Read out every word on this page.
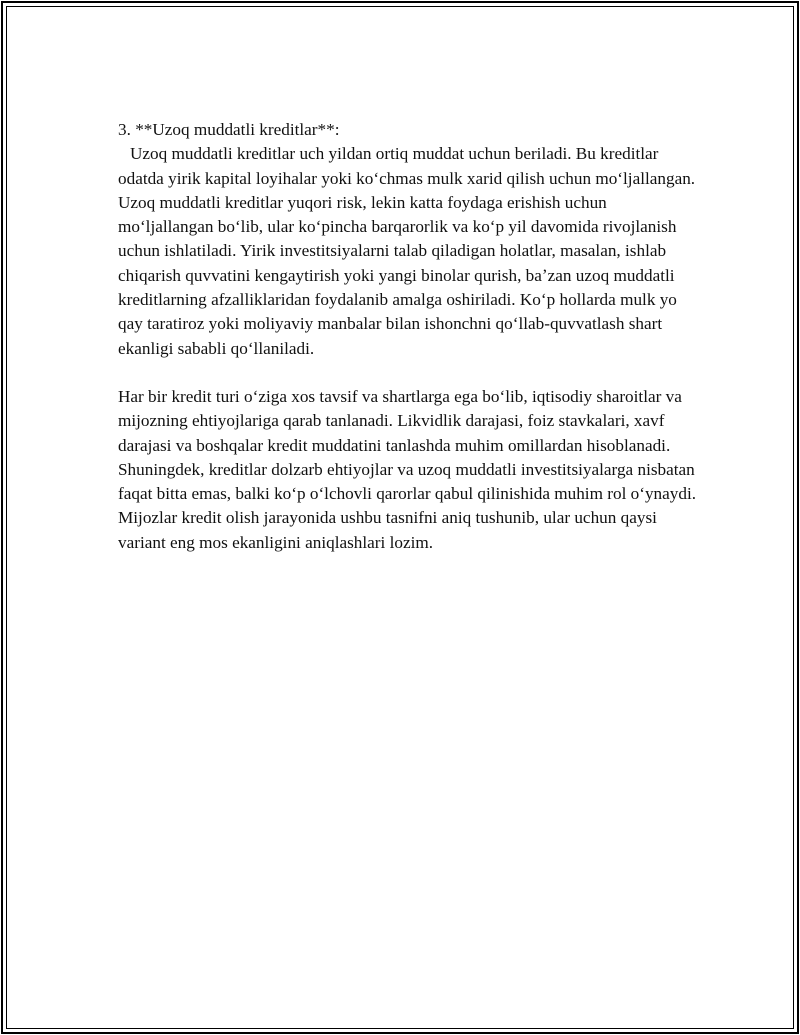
3. **Uzoq muddatli kreditlar**:

Uzoq muddatli kreditlar uch yildan ortiq muddat uchun beriladi. Bu kreditlar odatda yirik kapital loyihalar yoki koʻchmas mulk xarid qilish uchun moʻljallangan. Uzoq muddatli kreditlar yuqori risk, lekin katta foydaga erishish uchun moʻljallangan boʻlib, ular koʻpincha barqarorlik va koʻp yil davomida rivojlanish uchun ishlatiladi. Yirik investitsiyalarni talab qiladigan holatlar, masalan, ishlab chiqarish quvvatini kengaytirish yoki yangi binolar qurish, baʼzan uzoq muddatli kreditlarning afzalliklaridan foydalanib amalga oshiriladi. Koʻp hollarda mulk yo qay taratiroz yoki moliyaviy manbalar bilan ishonchni qoʻllab-quvvatlash shart ekanligi sababli qoʻllaniladi.

Har bir kredit turi oʻziga xos tavsif va shartlarga ega boʻlib, iqtisodiy sharoitlar va mijozning ehtiyojlariga qarab tanlanadi. Likvidlik darajasi, foiz stavkalari, xavf darajasi va boshqalar kredit muddatini tanlashda muhim omillardan hisoblanadi. Shuningdek, kreditlar dolzarb ehtiyojlar va uzoq muddatli investitsiyalarga nisbatan faqat bitta emas, balki koʻp oʻlchovli qarorlar qabul qilinishida muhim rol oʻynaydi. Mijozlar kredit olish jarayonida ushbu tasnifni aniq tushunib, ular uchun qaysi variant eng mos ekanligini aniqlashlari lozim.
